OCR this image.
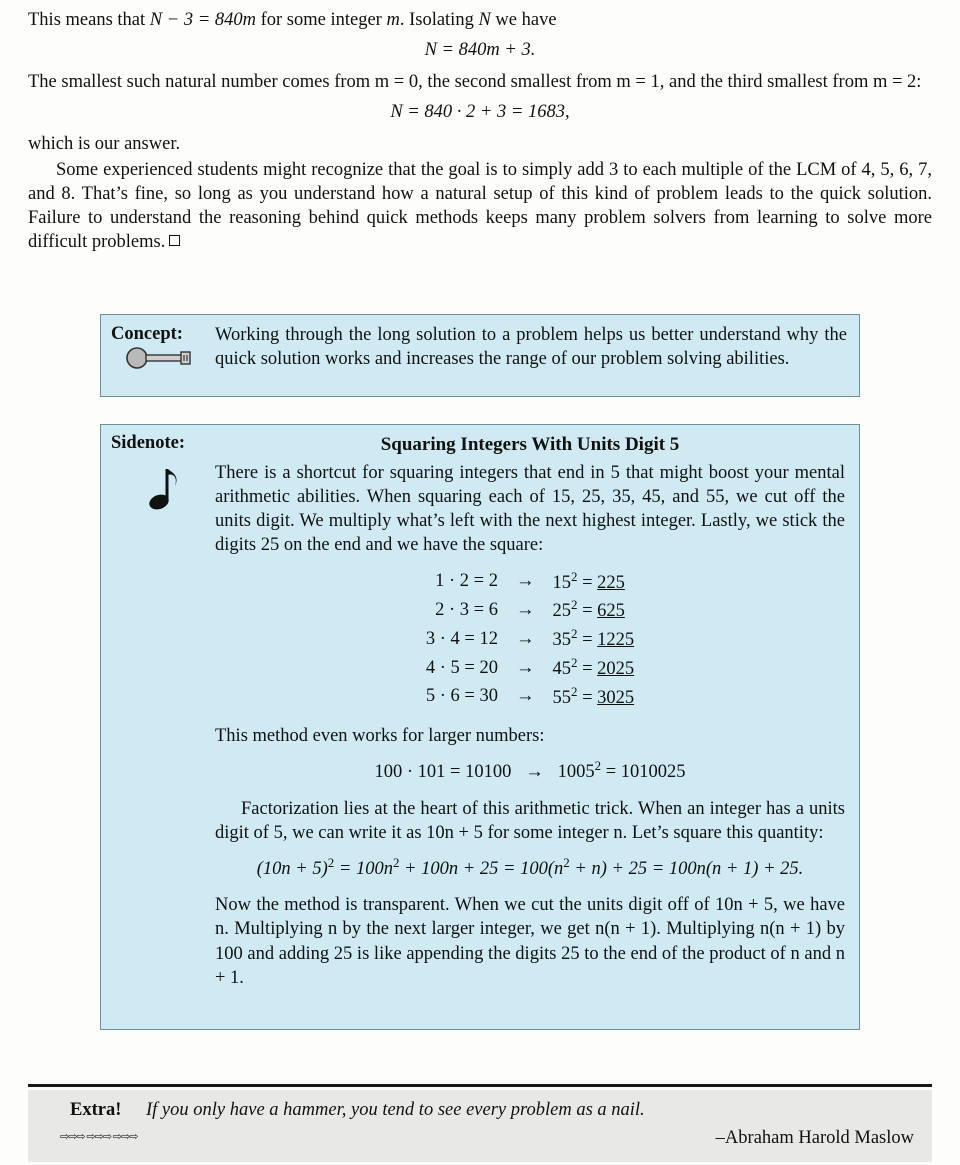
This means that N − 3 = 840m for some integer m. Isolating N we have

N = 840m + 3.

The smallest such natural number comes from m = 0, the second smallest from m = 1, and the third smallest from m = 2:

N = 840 · 2 + 3 = 1683,

which is our answer.

Some experienced students might recognize that the goal is to simply add 3 to each multiple of the LCM of 4, 5, 6, 7, and 8. That’s fine, so long as you understand how a natural setup of this kind of problem leads to the quick solution. Failure to understand the reasoning behind quick methods keeps many problem solvers from learning to solve more difficult problems.

Concept:	Working through the long solution to a problem helps us better understand why the quick solution works and increases the range of our problem solving abilities.
Sidenote:	Squaring Integers With Units Digit 5

There is a shortcut for squaring integers that end in 5 that might boost your mental arithmetic abilities. When squaring each of 15, 25, 35, 45, and 55, we cut off the units digit. We multiply what’s left with the next highest integer. Lastly, we stick the digits 25 on the end and we have the square:

1 · 2 = 2	→	$15^2 = 225$
2 · 3 = 6	→	$25^2 = 625$
3 · 4 = 12	→	$35^2 = 1225$
4 · 5 = 20	→	$45^2 = 2025$
5 · 6 = 30	→	$55^2 = 3025$

This method even works for larger numbers:

$100 \cdot 101 = 10100 \to 1005^2 = 1010025$

Factorization lies at the heart of this arithmetic trick. When an integer has a units digit of 5, we can write it as 10n + 5 for some integer n. Let’s square this quantity:

$(10n + 5)^2 = 100n^2 + 100n + 25 = 100(n^2 + n) + 25 = 100n(n + 1) + 25$.

Now the method is transparent. When we cut the units digit off of 10n + 5, we have n. Multiplying n by the next larger integer, we get n(n + 1). Multiplying n(n + 1) by 100 and adding 25 is like appending the digits 25 to the end of the product of n and n + 1.

Extra!
⇨⇨⇨ ⇨⇨⇨ ⇨⇨⇨
If you only have a hammer, you tend to see every problem as a nail.
–Abraham Harold Maslow
